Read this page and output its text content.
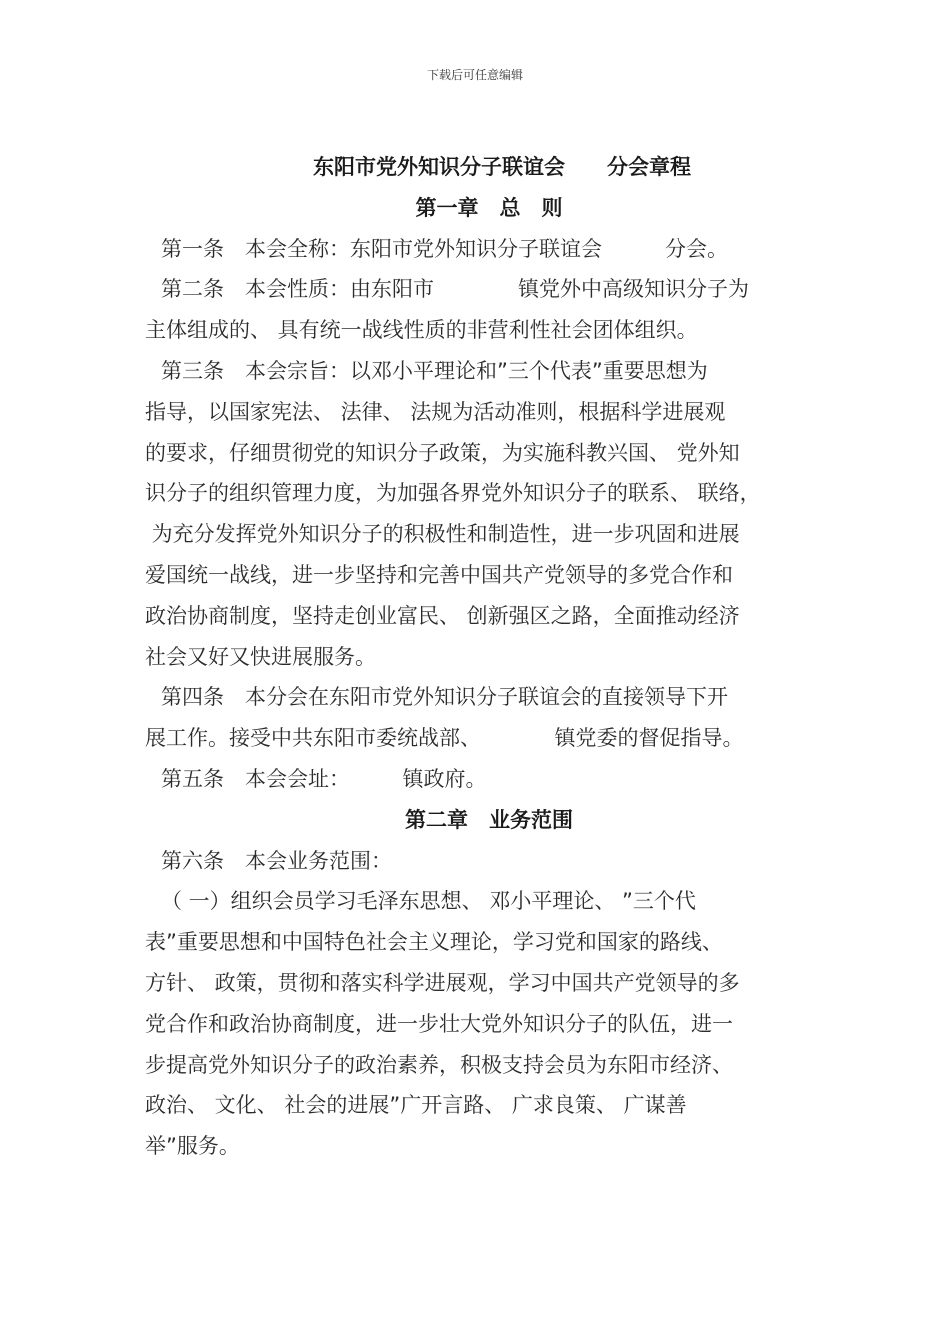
下载后可任意编辑

东阳市党外知识分子联谊会　　分会章程

第一章　总　则

第一条　本会全称：东阳市党外知识分子联谊会　　　分会。

第二条　本会性质：由东阳市　　　　镇党外中高级知识分子为

主体组成的、 具有统一战线性质的非营利性社会团体组织。

第三条　本会宗旨：以邓小平理论和”三个代表”重要思想为

指导，以国家宪法、 法律、 法规为活动准则，根据科学进展观

的要求，仔细贯彻党的知识分子政策，为实施科教兴国、 党外知

识分子的组织管理力度，为加强各界党外知识分子的联系、 联络，

为充分发挥党外知识分子的积极性和制造性，进一步巩固和进展

爱国统一战线，进一步坚持和完善中国共产党领导的多党合作和

政治协商制度，坚持走创业富民、 创新强区之路，全面推动经济

社会又好又快进展服务。

第四条　本分会在东阳市党外知识分子联谊会的直接领导下开

展工作。接受中共东阳市委统战部、　　　　镇党委的督促指导。

第五条　本会会址：　　　镇政府。

第二章　业务范围

第六条　本会业务范围：

（ 一）组织会员学习毛泽东思想、 邓小平理论、 ”三个代

表”重要思想和中国特色社会主义理论，学习党和国家的路线、

方针、 政策，贯彻和落实科学进展观，学习中国共产党领导的多

党合作和政治协商制度，进一步壮大党外知识分子的队伍，进一

步提高党外知识分子的政治素养，积极支持会员为东阳市经济、

政治、 文化、 社会的进展”广开言路、 广求良策、 广谋善

举”服务。
